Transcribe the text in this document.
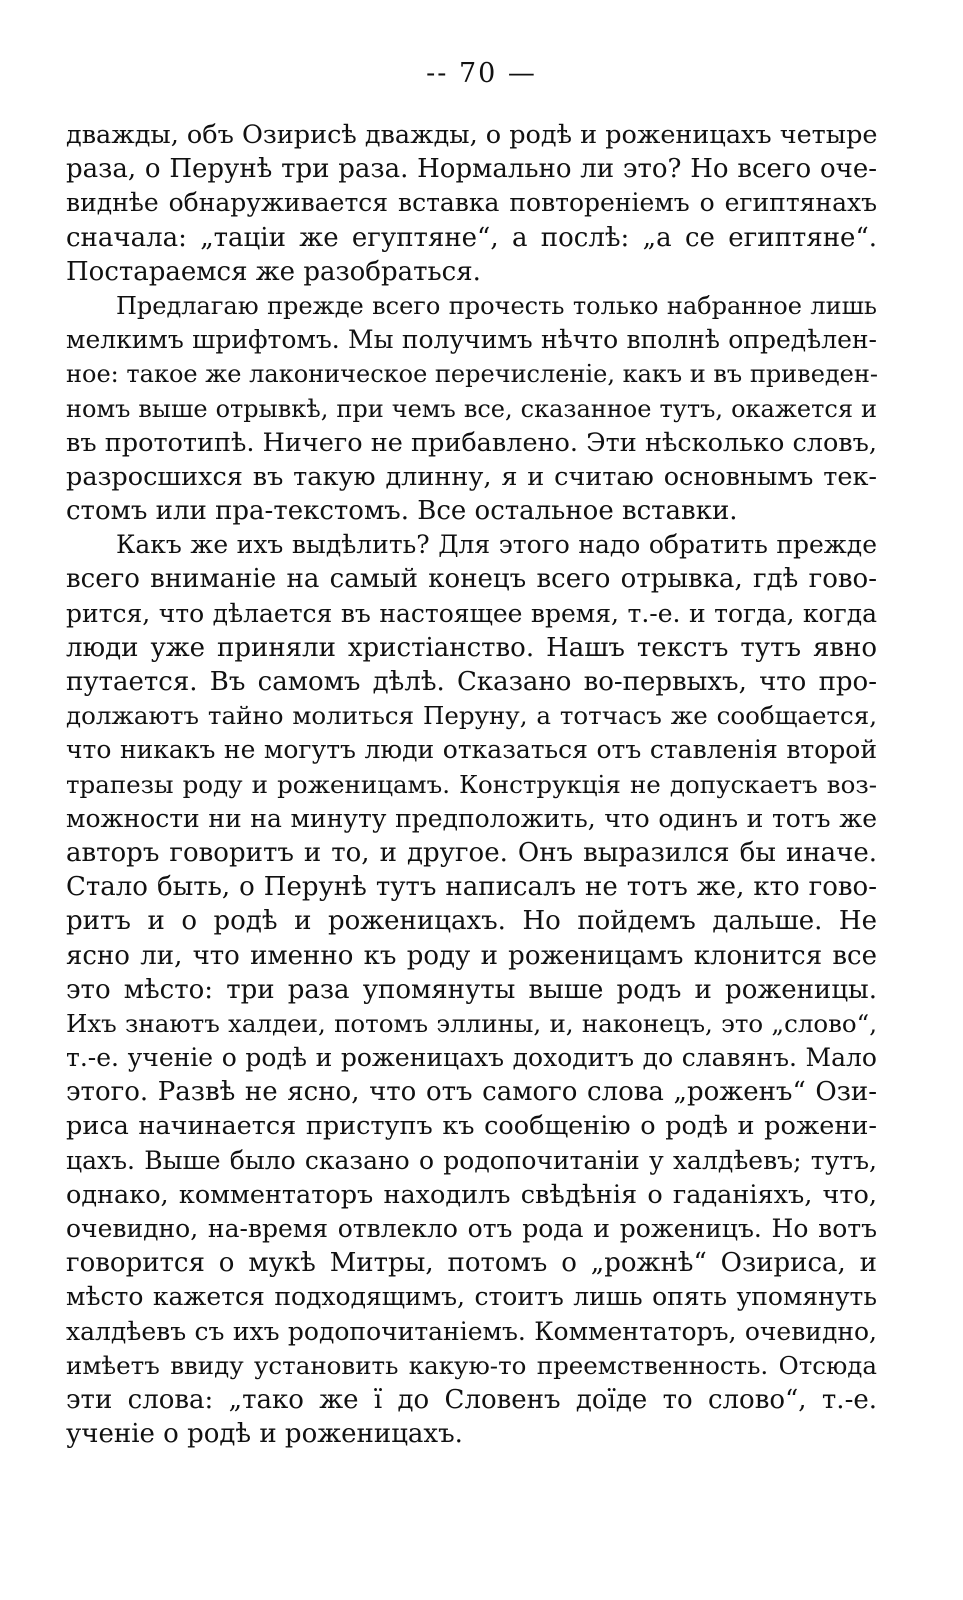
-- 70 —
дважды, объ Озирисѣ дважды, о родѣ и роженицахъ четыре
раза, о Перунѣ три раза. Нормально ли это? Но всего оче-
виднѣе обнаруживается вставка повтореніемъ о египтянахъ
сначала: „таціи же егуптяне“, а послѣ: „а се египтяне“.
Постараемся же разобраться.
Предлагаю прежде всего прочесть только набранное лишь
мелкимъ шрифтомъ. Мы получимъ нѣчто вполнѣ опредѣлен-
ное: такое же лаконическое перечисленіе, какъ и въ приведен-
номъ выше отрывкѣ, при чемъ все, сказанное тутъ, окажется и
въ прототипѣ. Ничего не прибавлено. Эти нѣсколько словъ,
разросшихся въ такую длинну, я и считаю основнымъ тек-
стомъ или пра-текстомъ. Все остальное вставки.
Какъ же ихъ выдѣлить? Для этого надо обратить прежде
всего вниманіе на самый конецъ всего отрывка, гдѣ гово-
рится, что дѣлается въ настоящее время, т.-е. и тогда, когда
люди уже приняли христіанство. Нашъ текстъ тутъ явно
путается. Въ самомъ дѣлѣ. Сказано во-первыхъ, что про-
должаютъ тайно молиться Перуну, а тотчасъ же сообщается,
что никакъ не могутъ люди отказаться отъ ставленія второй
трапезы роду и роженицамъ. Конструкція не допускаетъ воз-
можности ни на минуту предположить, что одинъ и тотъ же
авторъ говоритъ и то, и другое. Онъ выразился бы иначе.
Стало быть, о Перунѣ тутъ написалъ не тотъ же, кто гово-
ритъ и о родѣ и роженицахъ. Но пойдемъ дальше. Не
ясно ли, что именно къ роду и роженицамъ клонится все
это мѣсто: три раза упомянуты выше родъ и роженицы.
Ихъ знаютъ халдеи, потомъ эллины, и, наконецъ, это „слово“,
т.-е. ученіе о родѣ и роженицахъ доходитъ до славянъ. Мало
этого. Развѣ не ясно, что отъ самого слова „роженъ“ Ози-
риса начинается приступъ къ сообщенію о родѣ и рожени-
цахъ. Выше было сказано о родопочитаніи у халдѣевъ; тутъ,
однако, комментаторъ находилъ свѣдѣнія о гаданіяхъ, что,
очевидно, на-время отвлекло отъ рода и роженицъ. Но вотъ
говорится о мукѣ Митры, потомъ о „рожнѣ“ Озириса, и
мѣсто кажется подходящимъ, стоитъ лишь опять упомянуть
халдѣевъ съ ихъ родопочитаніемъ. Комментаторъ, очевидно,
имѣетъ ввиду установить какую-то преемственность. Отсюда
эти слова: „тако же ї до Словенъ доїде то слово“, т.-е.
ученіе о родѣ и роженицахъ.
